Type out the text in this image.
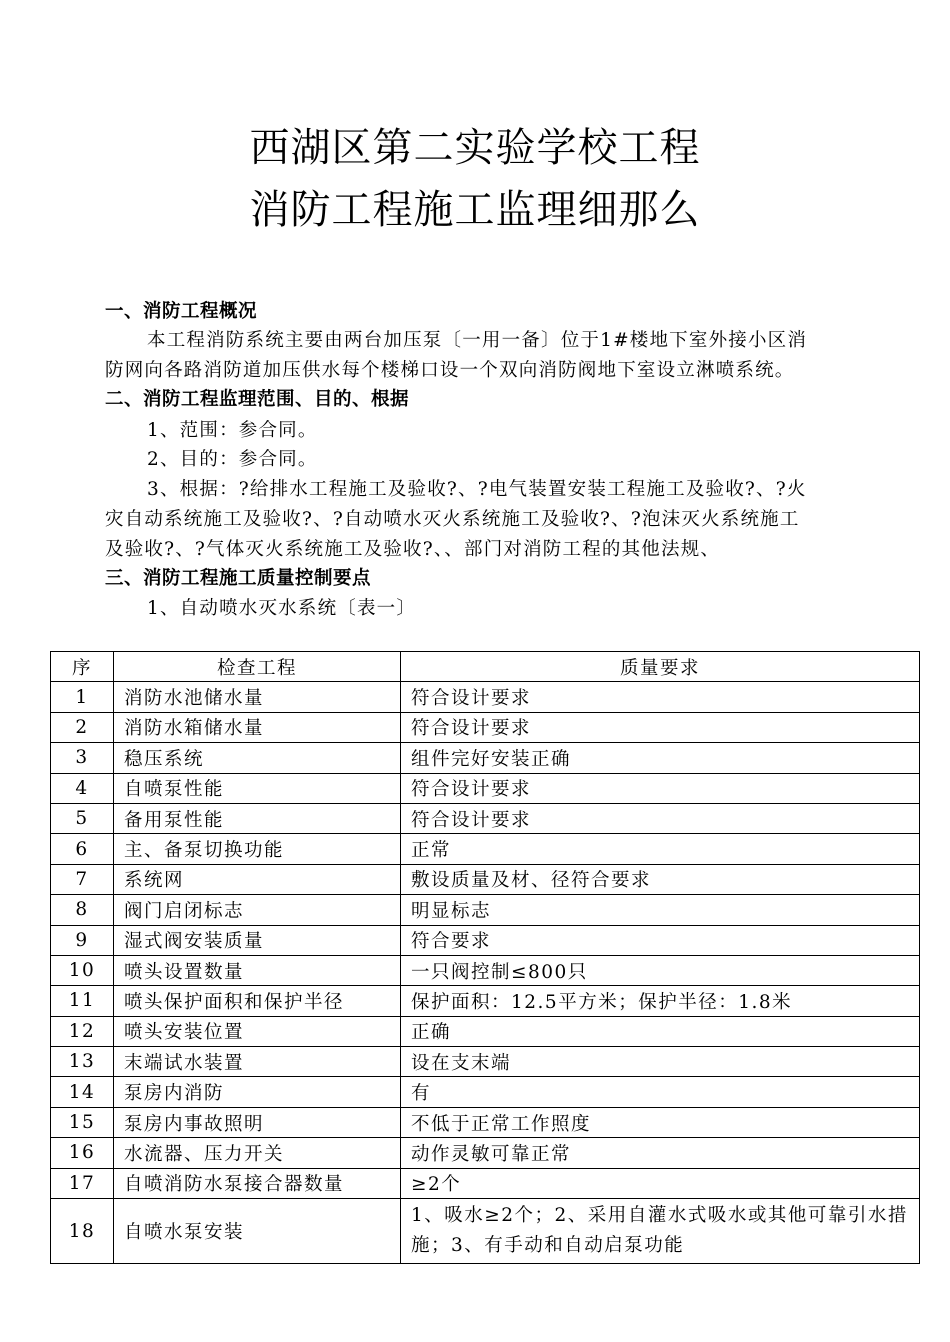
西湖区第二实验学校工程
消防工程施工监理细那么
一、消防工程概况
本工程消防系统主要由两台加压泵〔一用一备〕位于1#楼地下室外接小区消
防网向各路消防道加压供水每个楼梯口设一个双向消防阀地下室设立淋喷系统。
二、消防工程监理范围、目的、根据
1、范围：参合同。
2、目的：参合同。
3、根据：?给排水工程施工及验收?、?电气装置安装工程施工及验收?、?火
灾自动系统施工及验收?、?自动喷水灭火系统施工及验收?、?泡沫灭火系统施工
及验收?、?气体灭火系统施工及验收?、、部门对消防工程的其他法规、
三、消防工程施工质量控制要点
1、自动喷水灭水系统〔表一〕
序	检查工程	质量要求
1	消防水池储水量	符合设计要求
2	消防水箱储水量	符合设计要求
3	稳压系统	组件完好安装正确
4	自喷泵性能	符合设计要求
5	备用泵性能	符合设计要求
6	主、备泵切换功能	正常
7	系统网	敷设质量及材、径符合要求
8	阀门启闭标志	明显标志
9	湿式阀安装质量	符合要求
10	喷头设置数量	一只阀控制≤800只
11	喷头保护面积和保护半径	保护面积：12.5平方米；保护半径：1.8米
12	喷头安装位置	正确
13	末端试水装置	设在支末端
14	泵房内消防	有
15	泵房内事故照明	不低于正常工作照度
16	水流器、压力开关	动作灵敏可靠正常
17	自喷消防水泵接合器数量	≥2个
18	自喷水泵安装	1、吸水≥2个；2、采用自灌水式吸水或其他可靠引水措施；3、有手动和自动启泵功能
